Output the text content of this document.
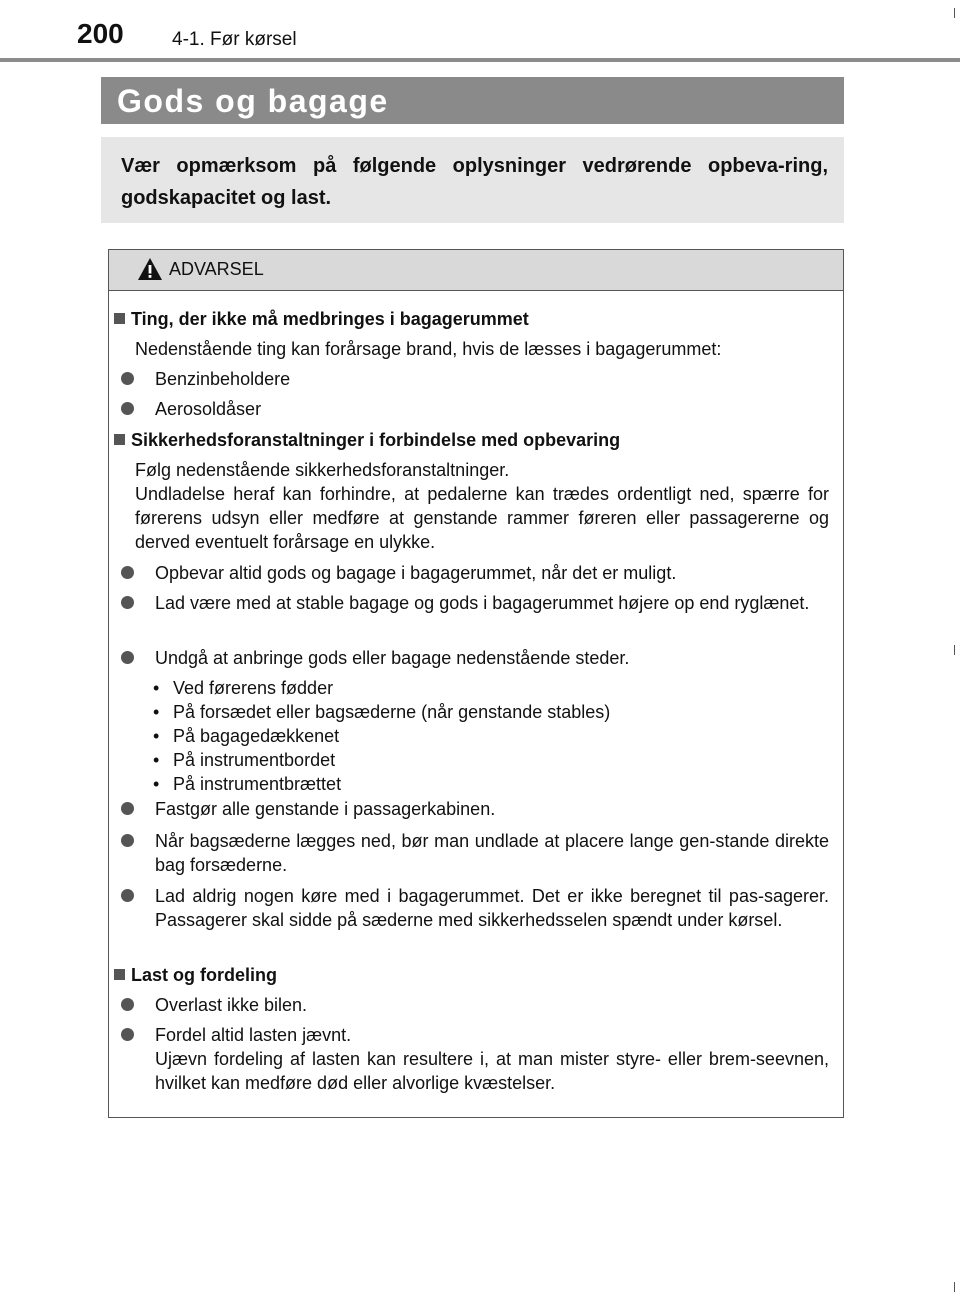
200	4-1. Før kørsel
Gods og bagage
Vær opmærksom på følgende oplysninger vedrørende opbeva-ring, godskapacitet og last.
ADVARSEL
Ting, der ikke må medbringes i bagagerummet
Nedenstående ting kan forårsage brand, hvis de læsses i bagagerummet:
Benzinbeholdere
Aerosoldåser
Sikkerhedsforanstaltninger i forbindelse med opbevaring
Følg nedenstående sikkerhedsforanstaltninger.
Undladelse heraf kan forhindre, at pedalerne kan trædes ordentligt ned, spærre for førerens udsyn eller medføre at genstande rammer føreren eller passagererne og derved eventuelt forårsage en ulykke.
Opbevar altid gods og bagage i bagagerummet, når det er muligt.
Lad være med at stable bagage og gods i bagagerummet højere op end ryglænet.
Undgå at anbringe gods eller bagage nedenstående steder.
• Ved førerens fødder
• På forsædet eller bagsæderne (når genstande stables)
• På bagagedækkenet
• På instrumentbordet
• På instrumentbrættet
Fastgør alle genstande i passagerkabinen.
Når bagsæderne lægges ned, bør man undlade at placere lange gen-stande direkte bag forsæderne.
Lad aldrig nogen køre med i bagagerummet. Det er ikke beregnet til pas-sagerer. Passagerer skal sidde på sæderne med sikkerhedsselen spændt under kørsel.
Last og fordeling
Overlast ikke bilen.
Fordel altid lasten jævnt.
Ujævn fordeling af lasten kan resultere i, at man mister styre- eller brem-seevnen, hvilket kan medføre død eller alvorlige kvæstelser.
